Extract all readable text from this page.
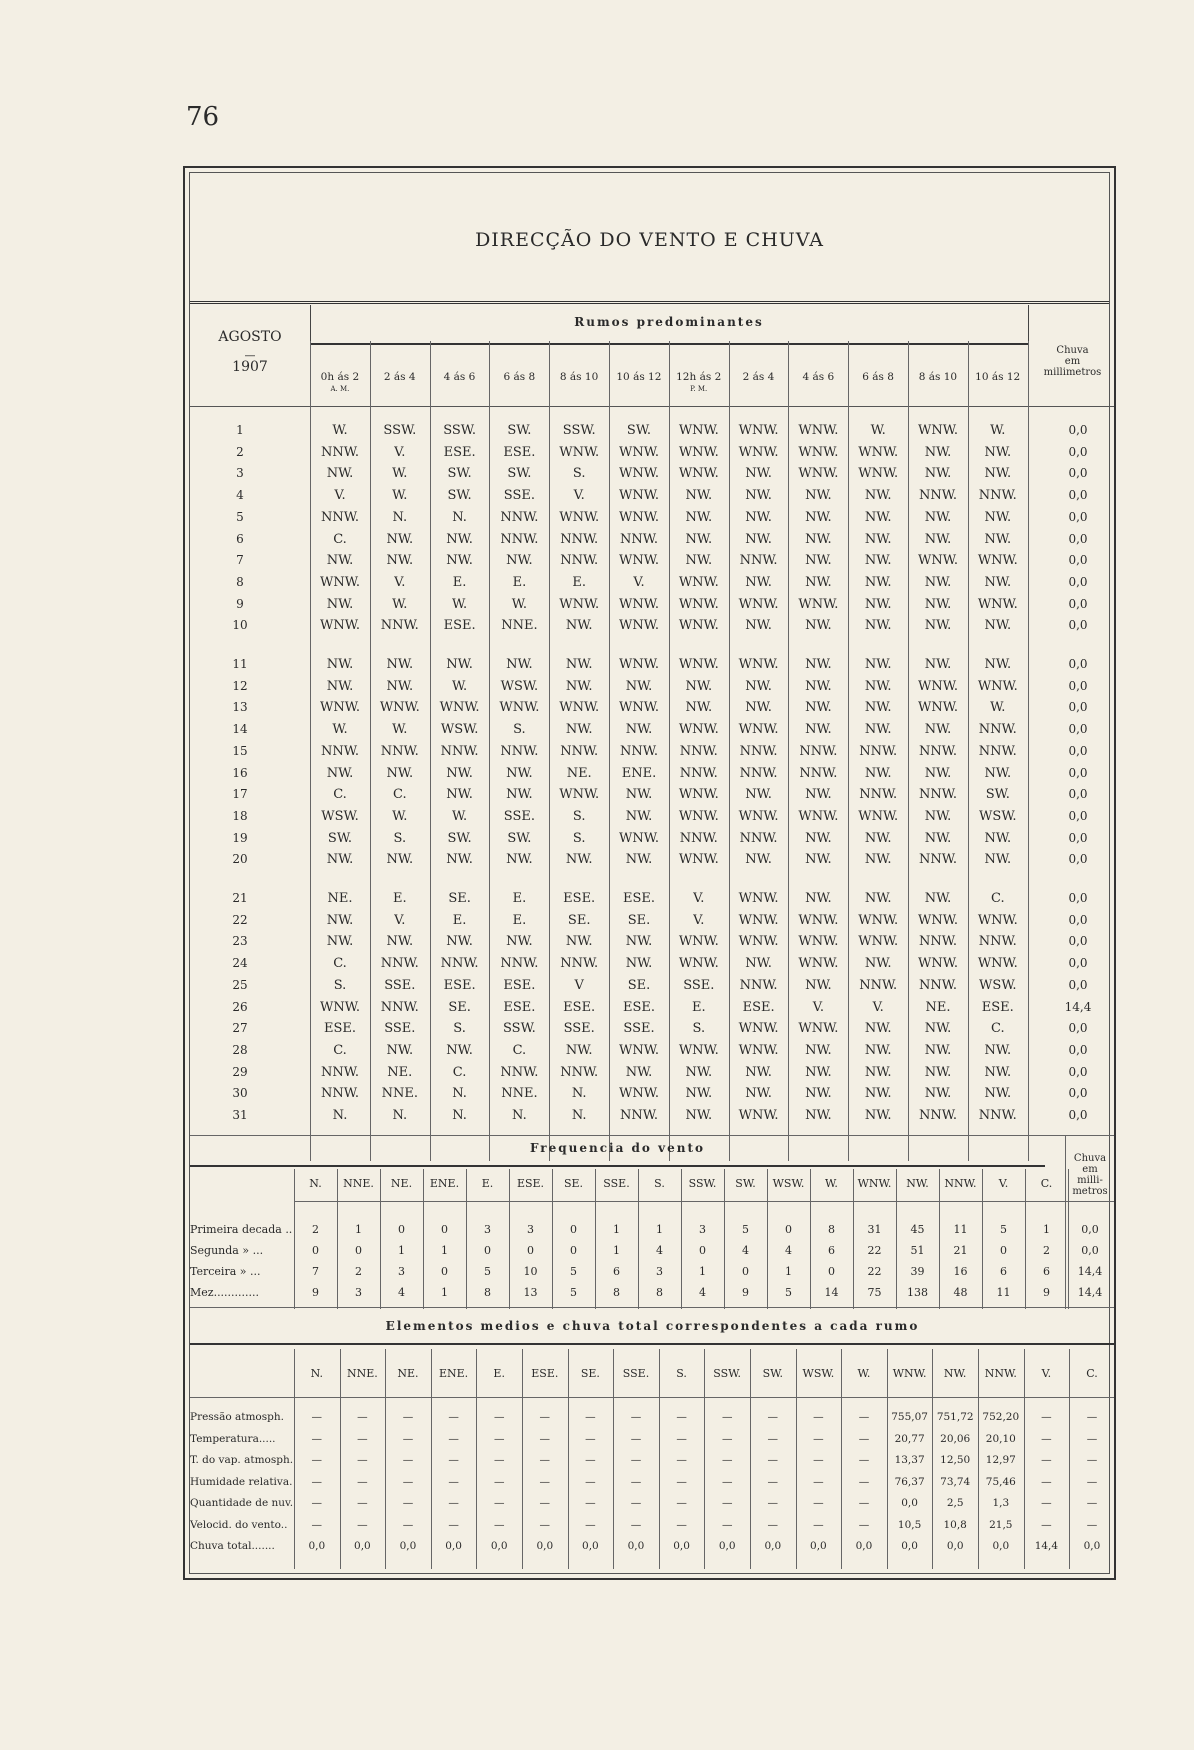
76
DIRECÇÃO DO VENTO E CHUVA
AGOSTO
—
1907
Rumos predominantes
Chuva
em
millimetros
0h ás 2
A. M.
2 ás 4	4 ás 6	6 ás 8	8 ás 10	10 ás 12	12h ás 2
P. M.
2 ás 4	4 ás 6	6 ás 8	8 ás 10	10 ás 12
1	W.	SSW.	SSW.	SW.	SSW.	SW.	WNW.	WNW.	WNW.	W.	WNW.	W.	0,0
2	NNW.	V.	ESE.	ESE.	WNW.	WNW.	WNW.	WNW.	WNW.	WNW.	NW.	NW.	0,0
3	NW.	W.	SW.	SW.	S.	WNW.	WNW.	NW.	WNW.	WNW.	NW.	NW.	0,0
4	V.	W.	SW.	SSE.	V.	WNW.	NW.	NW.	NW.	NW.	NNW.	NNW.	0,0
5	NNW.	N.	N.	NNW.	WNW.	WNW.	NW.	NW.	NW.	NW.	NW.	NW.	0,0
6	C.	NW.	NW.	NNW.	NNW.	NNW.	NW.	NW.	NW.	NW.	NW.	NW.	0,0
7	NW.	NW.	NW.	NW.	NNW.	WNW.	NW.	NNW.	NW.	NW.	WNW.	WNW.	0,0
8	WNW.	V.	E.	E.	E.	V.	WNW.	NW.	NW.	NW.	NW.	NW.	0,0
9	NW.	W.	W.	W.	WNW.	WNW.	WNW.	WNW.	WNW.	NW.	NW.	WNW.	0,0
10	WNW.	NNW.	ESE.	NNE.	NW.	WNW.	WNW.	NW.	NW.	NW.	NW.	NW.	0,0
11	NW.	NW.	NW.	NW.	NW.	WNW.	WNW.	WNW.	NW.	NW.	NW.	NW.	0,0
12	NW.	NW.	W.	WSW.	NW.	NW.	NW.	NW.	NW.	NW.	WNW.	WNW.	0,0
13	WNW.	WNW.	WNW.	WNW.	WNW.	WNW.	NW.	NW.	NW.	NW.	WNW.	W.	0,0
14	W.	W.	WSW.	S.	NW.	NW.	WNW.	WNW.	NW.	NW.	NW.	NNW.	0,0
15	NNW.	NNW.	NNW.	NNW.	NNW.	NNW.	NNW.	NNW.	NNW.	NNW.	NNW.	NNW.	0,0
16	NW.	NW.	NW.	NW.	NE.	ENE.	NNW.	NNW.	NNW.	NW.	NW.	NW.	0,0
17	C.	C.	NW.	NW.	WNW.	NW.	WNW.	NW.	NW.	NNW.	NNW.	SW.	0,0
18	WSW.	W.	W.	SSE.	S.	NW.	WNW.	WNW.	WNW.	WNW.	NW.	WSW.	0,0
19	SW.	S.	SW.	SW.	S.	WNW.	NNW.	NNW.	NW.	NW.	NW.	NW.	0,0
20	NW.	NW.	NW.	NW.	NW.	NW.	WNW.	NW.	NW.	NW.	NNW.	NW.	0,0
21	NE.	E.	SE.	E.	ESE.	ESE.	V.	WNW.	NW.	NW.	NW.	C.	0,0
22	NW.	V.	E.	E.	SE.	SE.	V.	WNW.	WNW.	WNW.	WNW.	WNW.	0,0
23	NW.	NW.	NW.	NW.	NW.	NW.	WNW.	WNW.	WNW.	WNW.	NNW.	NNW.	0,0
24	C.	NNW.	NNW.	NNW.	NNW.	NW.	WNW.	NW.	WNW.	NW.	WNW.	WNW.	0,0
25	S.	SSE.	ESE.	ESE.	V	SE.	SSE.	NNW.	NW.	NNW.	NNW.	WSW.	0,0
26	WNW.	NNW.	SE.	ESE.	ESE.	ESE.	E.	ESE.	V.	V.	NE.	ESE.	14,4
27	ESE.	SSE.	S.	SSW.	SSE.	SSE.	S.	WNW.	WNW.	NW.	NW.	C.	0,0
28	C.	NW.	NW.	C.	NW.	WNW.	WNW.	WNW.	NW.	NW.	NW.	NW.	0,0
29	NNW.	NE.	C.	NNW.	NNW.	NW.	NW.	NW.	NW.	NW.	NW.	NW.	0,0
30	NNW.	NNE.	N.	NNE.	N.	WNW.	NW.	NW.	NW.	NW.	NW.	NW.	0,0
31	N.	N.	N.	N.	N.	NNW.	NW.	WNW.	NW.	NW.	NNW.	NNW.	0,0
Frequencia do vento
Chuva
em
milli-
metros
N.	NNE.	NE.	ENE.	E.	ESE.	SE.	SSE.	S.	SSW.	SW.	WSW.	W.	WNW.	NW.	NNW.	V.	C.
Primeira decada ..	2	1	0	0	3	3	0	1	1	3	5	0	8	31	45	11	5	1	0,0
Segunda » ...	0	0	1	1	0	0	0	1	4	0	4	4	6	22	51	21	0	2	0,0
Terceira » ...	7	2	3	0	5	10	5	6	3	1	0	1	0	22	39	16	6	6	14,4
Mez.............	9	3	4	1	8	13	5	8	8	4	9	5	14	75	138	48	11	9	14,4
Elementos medios e chuva total correspondentes a cada rumo
N.	NNE.	NE.	ENE.	E.	ESE.	SE.	SSE.	S.	SSW.	SW.	WSW.	W.	WNW.	NW.	NNW.	V.	C.
Pressão atmosph.	—	—	—	—	—	—	—	—	—	—	—	—	—	755,07 751,72 752,20	—	—
Temperatura.....	—	—	—	—	—	—	—	—	—	—	—	—	—	20,77	20,06	20,10	—	—
T. do vap. atmosph.	—	—	—	—	—	—	—	—	—	—	—	—	—	13,37	12,50	12,97	—	—
Humidade relativa.	—	—	—	—	—	—	—	—	—	—	—	—	—	76,37	73,74	75,46	—	—
Quantidade de nuv.	—	—	—	—	—	—	—	—	—	—	—	—	—	0,0	2,5	1,3	—	—
Velocid. do vento..	—	—	—	—	—	—	—	—	—	—	—	—	—	10,5	10,8	21,5	—	—
Chuva total.......	0,0	0,0	0,0	0,0	0,0	0,0	0,0	0,0	0,0	0,0	0,0	0,0	0,0	0,0	0,0	0,0	14,4	0,0
